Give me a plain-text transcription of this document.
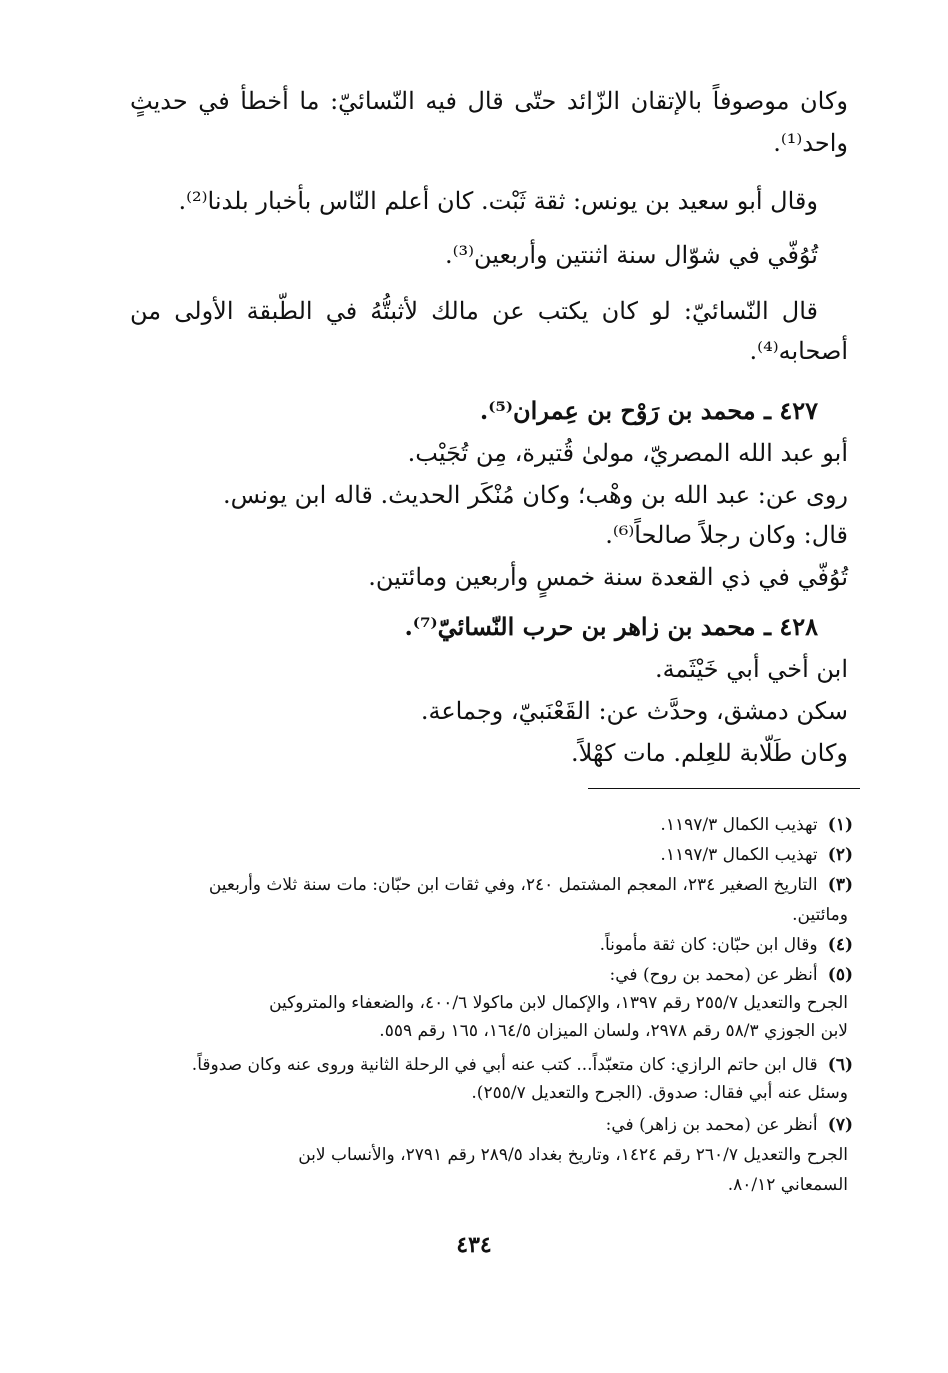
وكان موصوفاً بالإتقان الزّائد حتّى قال فيه النّسائيّ: ما أخطأ في حديثٍ
واحد⁽¹⁾.
وقال أبو سعيد بن يونس: ثقة ثَبْت. كان أعلم النّاس بأخبار بلدنا⁽²⁾.
تُوُفّي في شوّال سنة اثنتين وأربعين⁽³⁾.
قال النّسائيّ: لو كان يكتب عن مالك لأثبتُّهُ في الطّبقة الأولى من
أصحابه⁽⁴⁾.
٤٢٧ ـ محمد بن رَوْح بن عِمران⁽⁵⁾.
أبو عبد الله المصريّ، مولىٰ قُتيرة، مِن تُجَيْب.
روى عن: عبد الله بن وهْب؛ وكان مُنْكَر الحديث. قاله ابن يونس.
قال: وكان رجلاً صالحاً⁽⁶⁾.
تُوُفّي في ذي القعدة سنة خمسٍ وأربعين ومائتين.
٤٢٨ ـ محمد بن زاهر بن حرب النّسائيّ⁽⁷⁾.
ابن أخي أبي خَيْثَمة.
سكن دمشق، وحدَّث عن: القَعْنَبيّ، وجماعة.
وكان طَلّابة للعِلم. مات كهْلاً.
(١) تهذيب الكمال ١١٩٧/٣.
(٢) تهذيب الكمال ١١٩٧/٣.
(٣) التاريخ الصغير ٢٣٤، المعجم المشتمل ٢٤٠، وفي ثقات ابن حبّان: مات سنة ثلاث وأربعين
ومائتين.
(٤) وقال ابن حبّان: كان ثقة مأموناً.
(٥) أنظر عن (محمد بن روح) في:
الجرح والتعديل ٢٥٥/٧ رقم ١٣٩٧، والإكمال لابن ماكولا ٤٠٠/٦، والضعفاء والمتروكين
لابن الجوزي ٥٨/٣ رقم ٢٩٧٨، ولسان الميزان ١٦٤/٥، ١٦٥ رقم ٥٥٩.
(٦) قال ابن حاتم الرازي: كان متعبّداً... كتب عنه أبي في الرحلة الثانية وروى عنه وكان صدوقاً.
وسئل عنه أبي فقال: صدوق. (الجرح والتعديل ٢٥٥/٧).
(٧) أنظر عن (محمد بن زاهر) في:
الجرح والتعديل ٢٦٠/٧ رقم ١٤٢٤، وتاريخ بغداد ٢٨٩/٥ رقم ٢٧٩١، والأنساب لابن
السمعاني ٨٠/١٢.
٤٣٤
